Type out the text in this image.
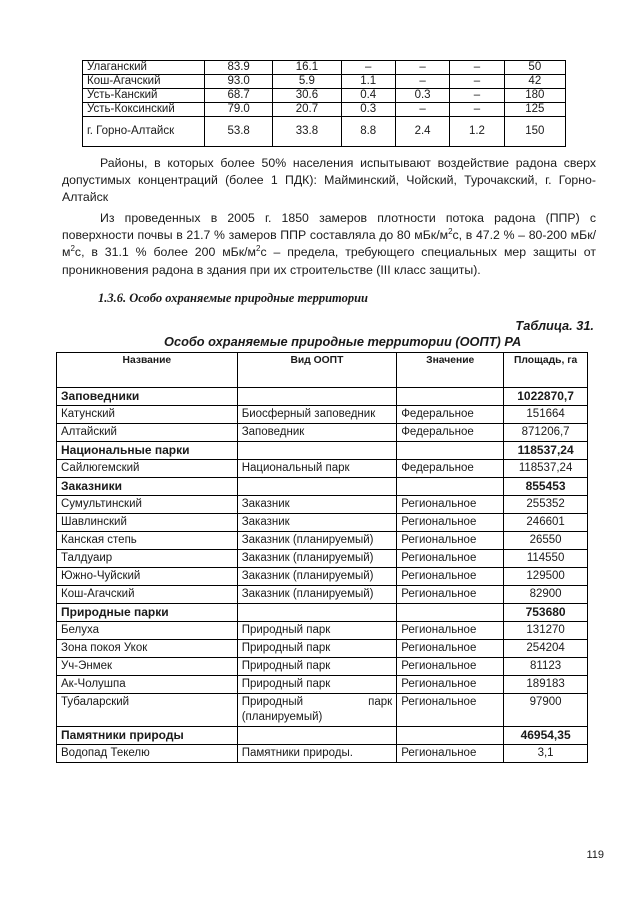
Улаганский	83.9	16.1	–	–	–	50
Кош-Агачский	93.0	5.9	1.1	–	–	42
Усть-Канский	68.7	30.6	0.4	0.3	–	180
Усть-Коксинский	79.0	20.7	0.3	–	–	125
г. Горно-Алтайск	53.8	33.8	8.8	2.4	1.2	150

Районы, в которых более 50% населения испытывают воздействие радона сверх допустимых концентраций (более 1 ПДК): Майминский, Чойский, Турочакский, г. Горно-Алтайск

Из проведенных в 2005 г. 1850 замеров плотности потока радона (ППР) с поверхности почвы в 21.7 % замеров ППР составляла до 80 мБк/$м^2с$, в 47.2 % – 80-200 мБк/$м^2с$, в 31.1 % более 200 мБк/$м^2с$ – предела, требующего специальных мер защиты от проникновения радона в здания при их строительстве (III класс защиты).

1.3.6. Особо охраняемые природные территории

Таблица. 31.

Особо охраняемые природные территории (ООПТ) РА

Название	Вид ООПТ	Значение	Площадь, га
Заповедники			1022870,7
Катунский	Биосферный заповедник	Федеральное	151664
Алтайский	Заповедник	Федеральное	871206,7
Национальные парки			118537,24
Сайлюгемский	Национальный парк	Федеральное	118537,24
Заказники			855453
Сумультинский	Заказник	Региональное	255352
Шавлинский	Заказник	Региональное	246601
Канская степь	Заказник (планируемый)	Региональное	26550
Талдуаир	Заказник (планируемый)	Региональное	114550
Южно-Чуйский	Заказник (планируемый)	Региональное	129500
Кош-Агачский	Заказник (планируемый)	Региональное	82900
Природные парки			753680
Белуха	Природный парк	Региональное	131270
Зона покоя Укок	Природный парк	Региональное	254204
Уч-Энмек	Природный парк	Региональное	81123
Ак-Чолушпа	Природный парк	Региональное	189183
Тубаларский	Природный парк (планируемый)	Региональное	97900
Памятники природы			46954,35
Водопад Текелю	Памятники природы.	Региональное	3,1

119
